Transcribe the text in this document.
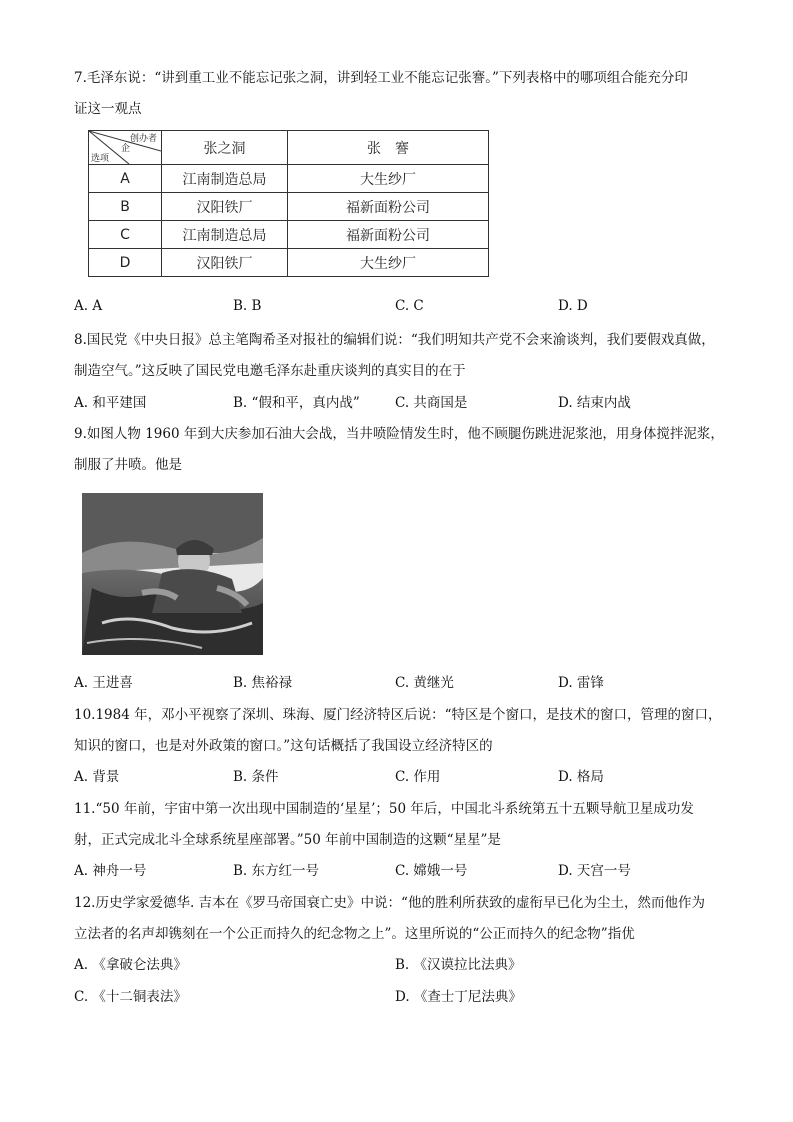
7.毛泽东说：“讲到重工业不能忘记张之洞，讲到轻工业不能忘记张謇。”下列表格中的哪项组合能充分印
证这一观点
创办者
企
选项	张之洞	张　謇
A	江南制造总局	大生纱厂
B	汉阳铁厂	福新面粉公司
C	江南制造总局	福新面粉公司
D	汉阳铁厂	大生纱厂
A. A	B. B	C. C	D. D
8.国民党《中央日报》总主笔陶希圣对报社的编辑们说：“我们明知共产党不会来渝谈判，我们要假戏真做，
制造空气。”这反映了国民党电邀毛泽东赴重庆谈判的真实目的在于
A. 和平建国	B. “假和平，真内战”	C. 共商国是	D. 结束内战
9.如图人物 1960 年到大庆参加石油大会战，当井喷险情发生时，他不顾腿伤跳进泥浆池，用身体搅拌泥浆，
制服了井喷。他是
A. 王进喜	B. 焦裕禄	C. 黄继光	D. 雷锋
10.1984 年，邓小平视察了深圳、珠海、厦门经济特区后说：“特区是个窗口，是技术的窗口，管理的窗口，
知识的窗口，也是对外政策的窗口。”这句话概括了我国设立经济特区的
A. 背景	B. 条件	C. 作用	D. 格局
11.“50 年前，宇宙中第一次出现中国制造的‘星星’；50 年后，中国北斗系统第五十五颗导航卫星成功发
射，正式完成北斗全球系统星座部署。”50 年前中国制造的这颗“星星”是
A. 神舟一号	B. 东方红一号	C. 嫦娥一号	D. 天宫一号
12.历史学家爱德华. 吉本在《罗马帝国衰亡史》中说：“他的胜利所获致的虚衔早已化为尘土，然而他作为
立法者的名声却镌刻在一个公正而持久的纪念物之上”。这里所说的“公正而持久的纪念物”指优
A. 《拿破仑法典》	B. 《汉谟拉比法典》
C. 《十二铜表法》	D. 《查士丁尼法典》
